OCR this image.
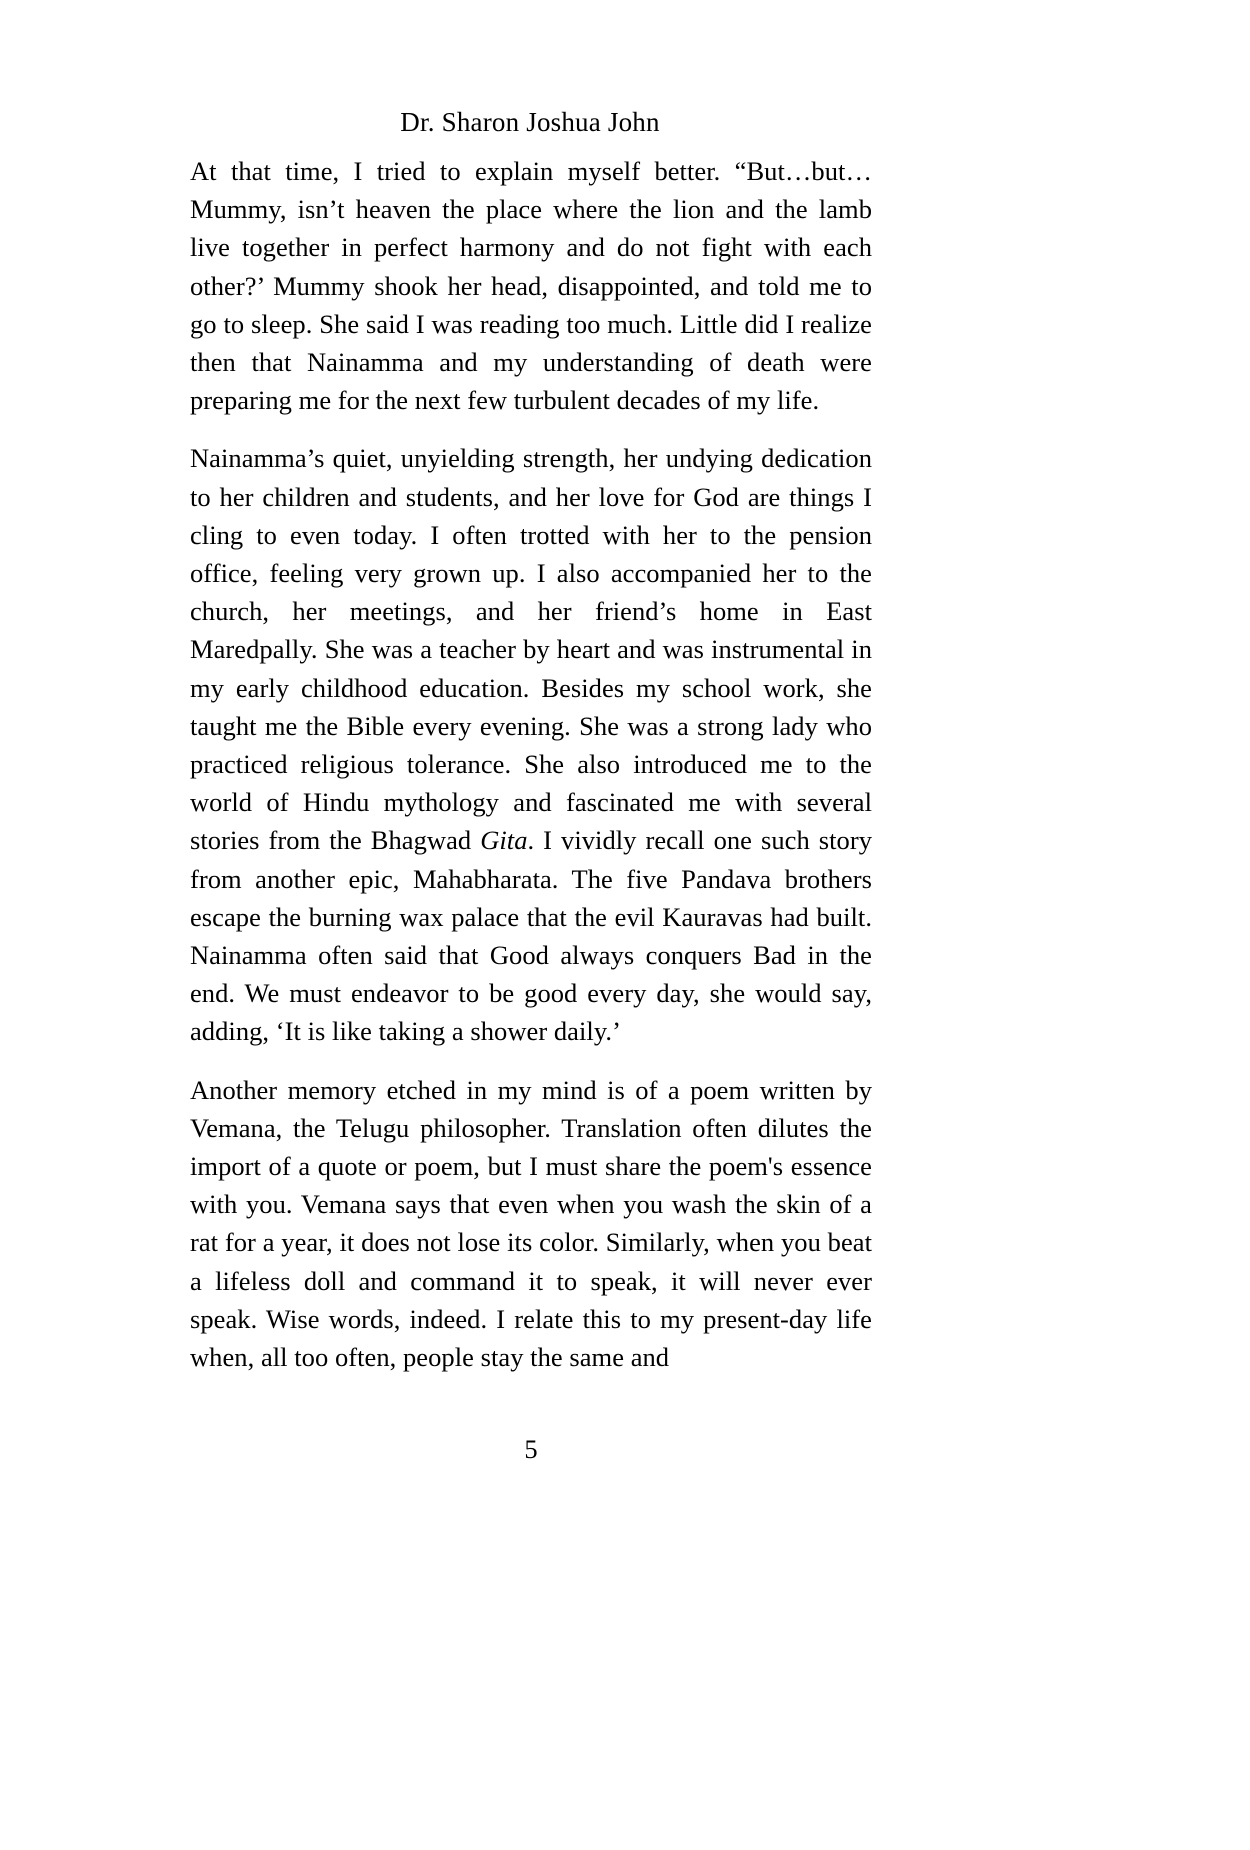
Dr. Sharon Joshua John

At that time, I tried to explain myself better. “But…but…Mummy, isn’t heaven the place where the lion and the lamb live together in perfect harmony and do not fight with each other?’ Mummy shook her head, disappointed, and told me to go to sleep. She said I was reading too much. Little did I realize then that Nainamma and my understanding of death were preparing me for the next few turbulent decades of my life.

Nainamma’s quiet, unyielding strength, her undying dedication to her children and students, and her love for God are things I cling to even today. I often trotted with her to the pension office, feeling very grown up. I also accompanied her to the church, her meetings, and her friend’s home in East Maredpally. She was a teacher by heart and was instrumental in my early childhood education. Besides my school work, she taught me the Bible every evening. She was a strong lady who practiced religious tolerance. She also introduced me to the world of Hindu mythology and fascinated me with several stories from the Bhagwad Gita. I vividly recall one such story from another epic, Mahabharata. The five Pandava brothers escape the burning wax palace that the evil Kauravas had built. Nainamma often said that Good always conquers Bad in the end. We must endeavor to be good every day, she would say, adding, ‘It is like taking a shower daily.’

Another memory etched in my mind is of a poem written by Vemana, the Telugu philosopher. Translation often dilutes the import of a quote or poem, but I must share the poem's essence with you. Vemana says that even when you wash the skin of a rat for a year, it does not lose its color. Similarly, when you beat a lifeless doll and command it to speak, it will never ever speak. Wise words, indeed. I relate this to my present-day life when, all too often, people stay the same and

5
